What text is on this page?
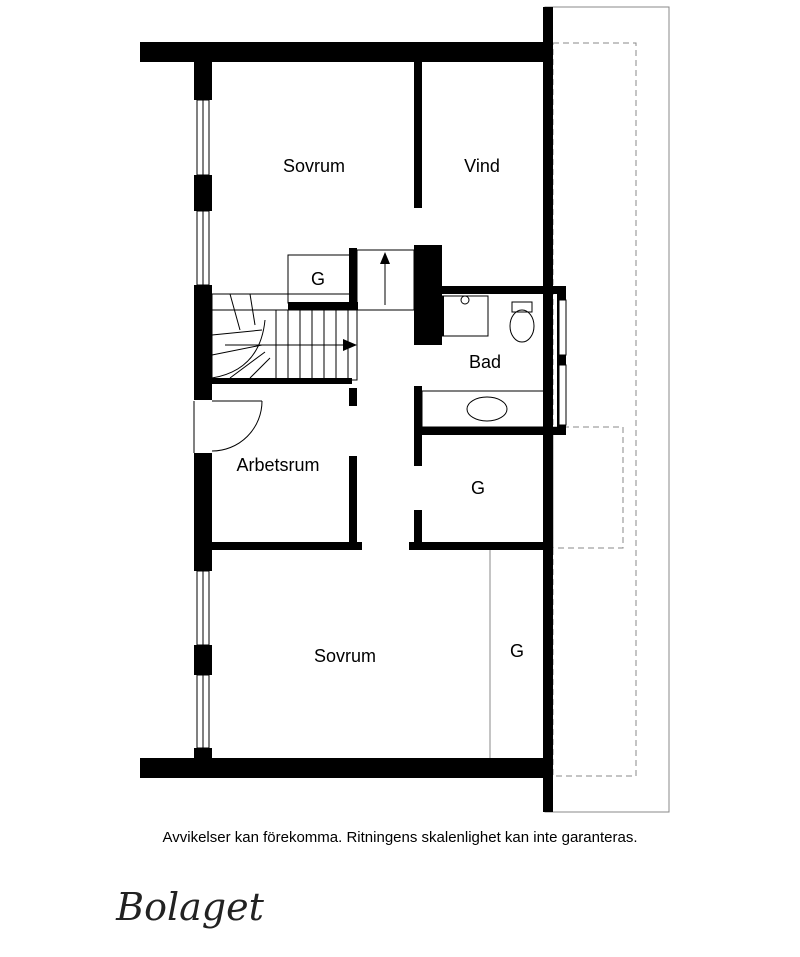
Sovrum	Vind
G
Bad
Arbetsrum
G
Sovrum	G
Bolaget
Avvikelser kan förekomma. Ritningens skalenlighet kan inte garanteras.
